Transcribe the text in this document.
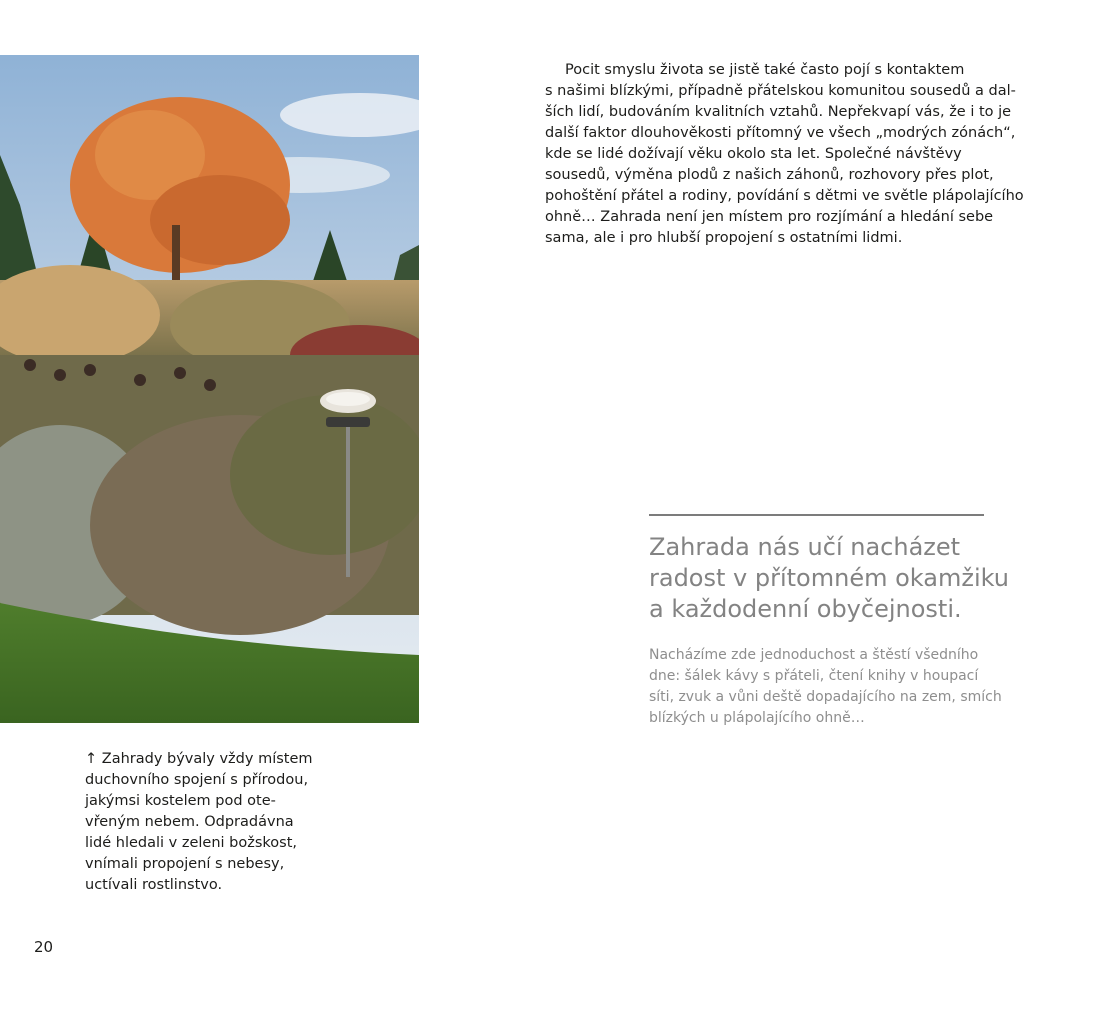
Pocit smyslu života se jistě také často pojí s kontaktem
s našimi blízkými, případně přátelskou komunitou sousedů a dal-
ších lidí, budováním kvalitních vztahů. Nepřekvapí vás, že i to je
další faktor dlouhověkosti přítomný ve všech „modrých zónách“,
kde se lidé dožívají věku okolo sta let. Společné návštěvy
sousedů, výměna plodů z našich záhonů, rozhovory přes plot,
pohoštění přátel a rodiny, povídání s dětmi ve světle plápolajícího
ohně… Zahrada není jen místem pro rozjímání a hledání sebe
sama, ale i pro hlubší propojení s ostatními lidmi.

Zahrada nás učí nacházet
radost v přítomném okamžiku
a každodenní obyčejnosti.

Nacházíme zde jednoduchost a štěstí všedního
dne: šálek kávy s přáteli, čtení knihy v houpací
síti, zvuk a vůni deště dopadajícího na zem, smích
blízkých u plápolajícího ohně…

↑ Zahrady bývaly vždy místem
duchovního spojení s přírodou,
jakýmsi kostelem pod ote-
vřeným nebem. Odpradávna
lidé hledali v zeleni božskost,
vnímali propojení s nebesy,
uctívali rostlinstvo.

20
